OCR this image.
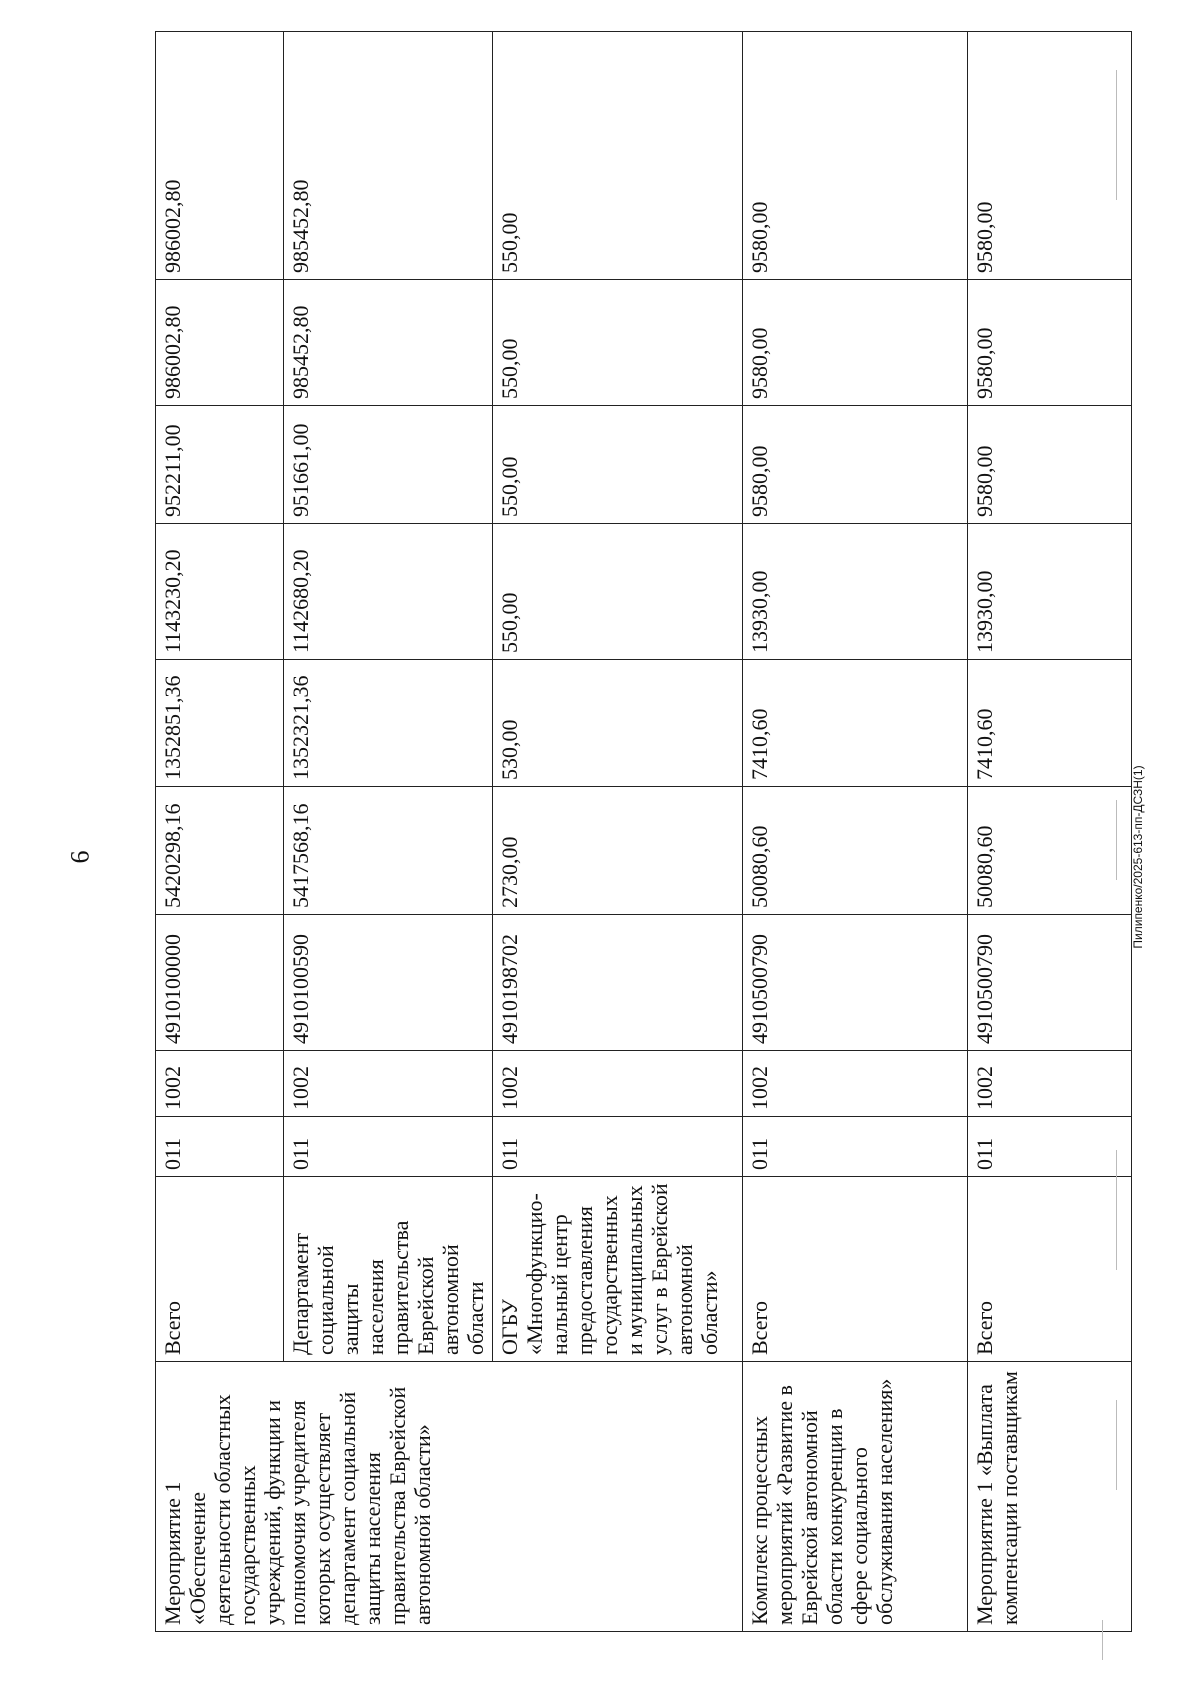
6
Мероприятие 1 «Обеспечение деятельности областных государственных учреждений, функции и полномочия учредителя которых осуществляет департамент социальной защиты населения правительства Еврейской автономной области»	Всего	011	1002	4910100000	5420298,16	1352851,36	1143230,20	952211,00	986002,80	986002,80
	Департамент социальной защиты населения правительства Еврейской автономной области	011	1002	4910100590	5417568,16	1352321,36	1142680,20	951661,00	985452,80	985452,80
	ОГБУ «Многофункцио-нальный центр предоставления государственных и муниципальных услуг в Еврейской автономной области»	011	1002	4910198702	2730,00	530,00	550,00	550,00	550,00	550,00
Комплекс процессных мероприятий «Развитие в Еврейской автономной области конкуренции в сфере социального обслуживания населения»	Всего	011	1002	4910500790	50080,60	7410,60	13930,00	9580,00	9580,00	9580,00
Мероприятие 1 «Выплата компенсации поставщикам	Всего	011	1002	4910500790	50080,60	7410,60	13930,00	9580,00	9580,00	9580,00
Пилипенко/2025-613-пп-ДСЗН(1)
